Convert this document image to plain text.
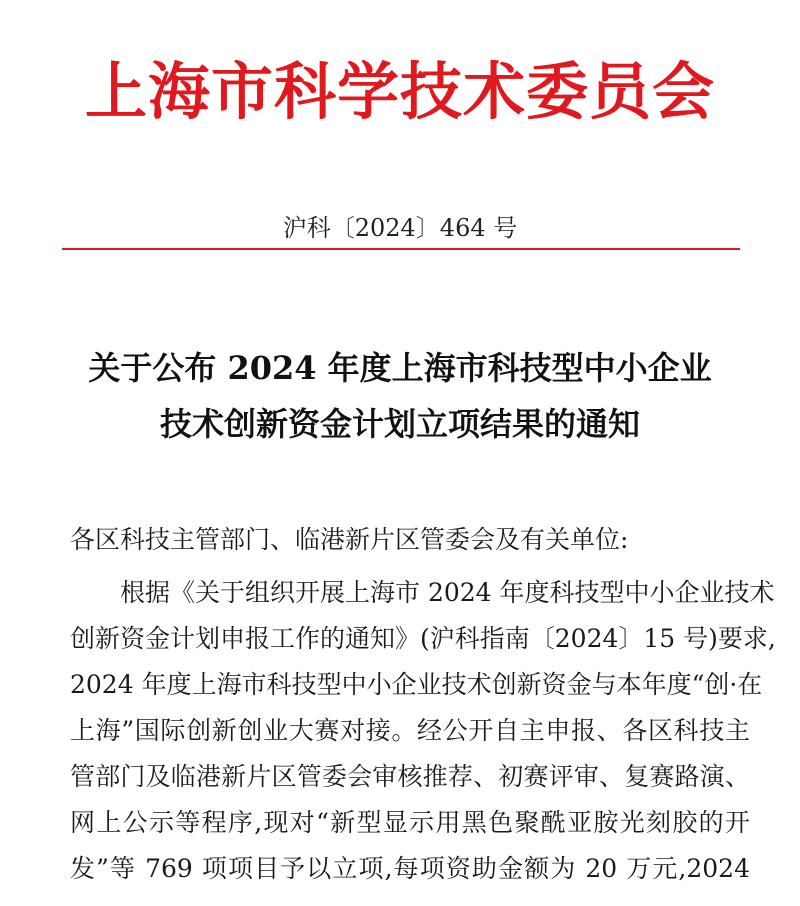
上海市科学技术委员会
沪科〔2024〕464 号
关于公布 2024 年度上海市科技型中小企业
技术创新资金计划立项结果的通知
各区科技主管部门、临港新片区管委会及有关单位:
根据《关于组织开展上海市 2024 年度科技型中小企业技术
创新资金计划申报工作的通知》(沪科指南〔2024〕15 号)要求,
2024 年度上海市科技型中小企业技术创新资金与本年度“创·在
上海”国际创新创业大赛对接。经公开自主申报、各区科技主
管部门及临港新片区管委会审核推荐、初赛评审、复赛路演、
网上公示等程序,现对“新型显示用黑色聚酰亚胺光刻胶的开
发”等 769 项项目予以立项,每项资助金额为 20 万元,2024
